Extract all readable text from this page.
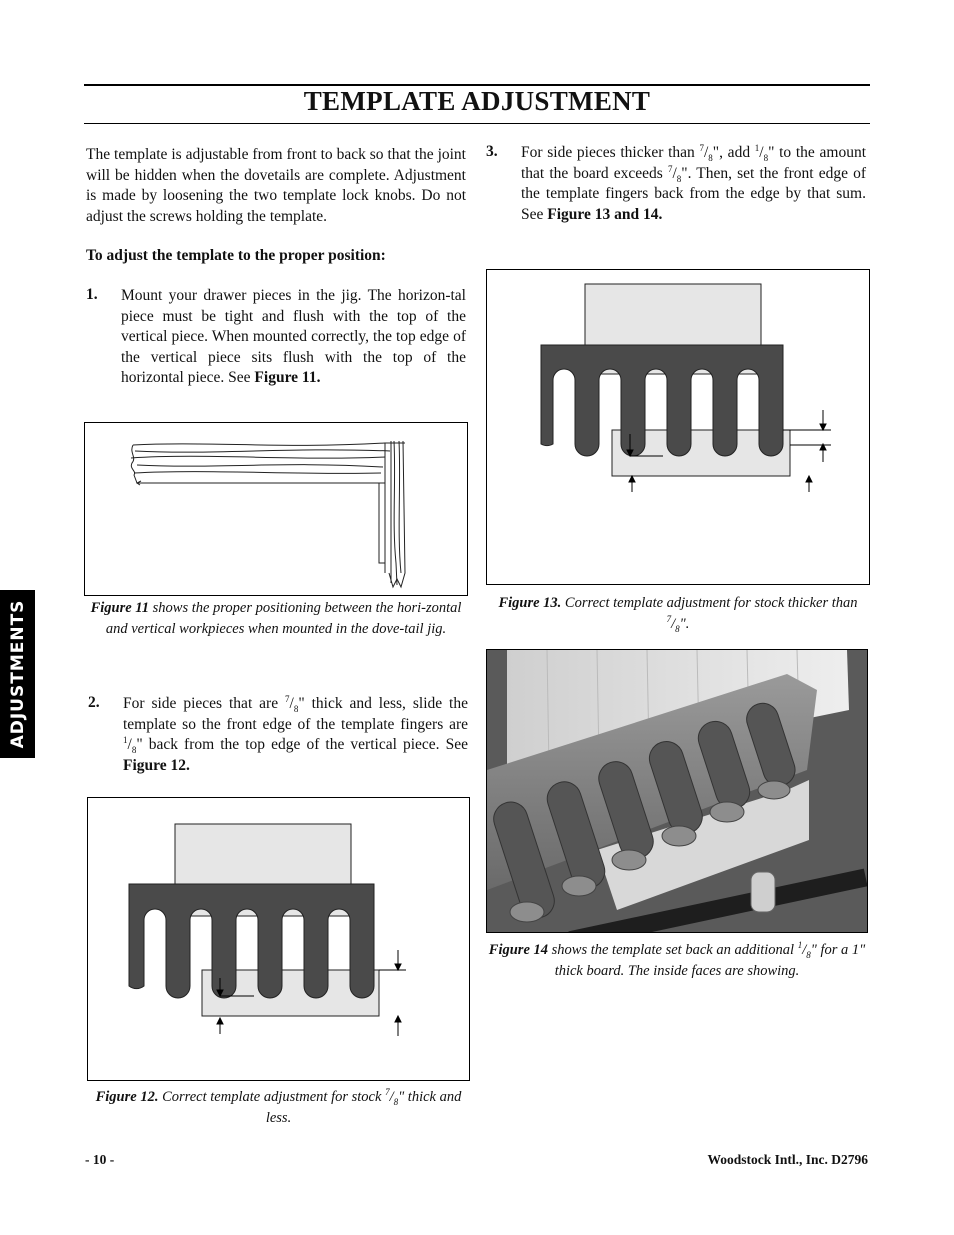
TEMPLATE ADJUSTMENT
ADJUSTMENTS

The template is adjustable from front to back so that the joint will be hidden when the dovetails are complete. Adjustment is made by loosening the two template lock knobs. Do not adjust the screws holding the template.

To adjust the template to the proper position:

1. Mount your drawer pieces in the jig. The horizon-tal piece must be tight and flush with the top of the vertical piece. When mounted correctly, the top edge of the vertical piece sits flush with the top of the horizontal piece. See Figure 11.

Figure 11 shows the proper positioning between the hori-zontal and vertical workpieces when mounted in the dove-tail jig.

2. For side pieces that are $^7/_8$" thick and less, slide the template so the front edge of the template fingers are $^1/_8$" back from the top edge of the vertical piece. See Figure 12.

Figure 12. Correct template adjustment for stock $^7/_8$" thick and less.

3. For side pieces thicker than $^7/_8$", add $^1/_8$" to the amount that the board exceeds $^7/_8$". Then, set the front edge of the template fingers back from the edge by that sum. See Figure 13 and 14.

Figure 13. Correct template adjustment for stock thicker than $^7/_8$".

Figure 14 shows the template set back an additional $^1/_8$" for a 1" thick board. The inside faces are showing.

- 10 -	Woodstock Intl., Inc. D2796
